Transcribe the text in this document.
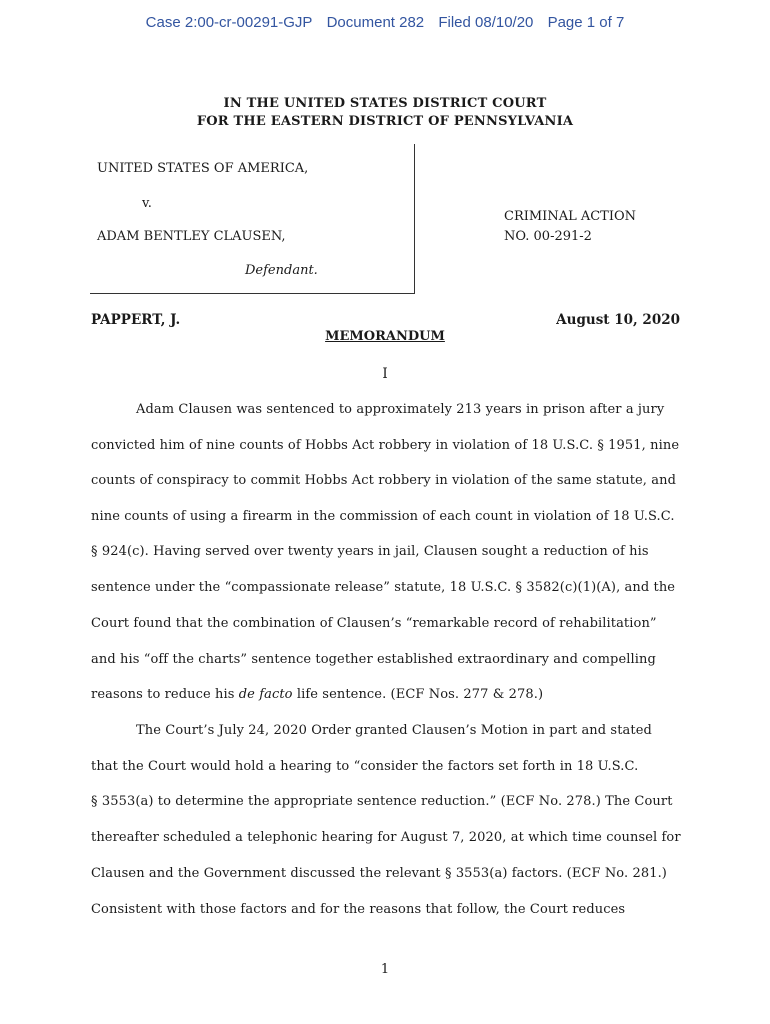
Case 2:00-cr-00291-GJP Document 282 Filed 08/10/20 Page 1 of 7
IN THE UNITED STATES DISTRICT COURT
FOR THE EASTERN DISTRICT OF PENNSYLVANIA
UNITED STATES OF AMERICA,
v.
ADAM BENTLEY CLAUSEN,
Defendant.
CRIMINAL ACTION
NO. 00-291-2
PAPPERT, J.	August 10, 2020
MEMORANDUM
I
Adam Clausen was sentenced to approximately 213 years in prison after a jury
convicted him of nine counts of Hobbs Act robbery in violation of 18 U.S.C. § 1951, nine
counts of conspiracy to commit Hobbs Act robbery in violation of the same statute, and
nine counts of using a firearm in the commission of each count in violation of 18 U.S.C.
§ 924(c). Having served over twenty years in jail, Clausen sought a reduction of his
sentence under the “compassionate release” statute, 18 U.S.C. § 3582(c)(1)(A), and the
Court found that the combination of Clausen’s “remarkable record of rehabilitation”
and his “off the charts” sentence together established extraordinary and compelling
reasons to reduce his de facto life sentence. (ECF Nos. 277 & 278.)
The Court’s July 24, 2020 Order granted Clausen’s Motion in part and stated
that the Court would hold a hearing to “consider the factors set forth in 18 U.S.C.
§ 3553(a) to determine the appropriate sentence reduction.” (ECF No. 278.) The Court
thereafter scheduled a telephonic hearing for August 7, 2020, at which time counsel for
Clausen and the Government discussed the relevant § 3553(a) factors. (ECF No. 281.)
Consistent with those factors and for the reasons that follow, the Court reduces
1
